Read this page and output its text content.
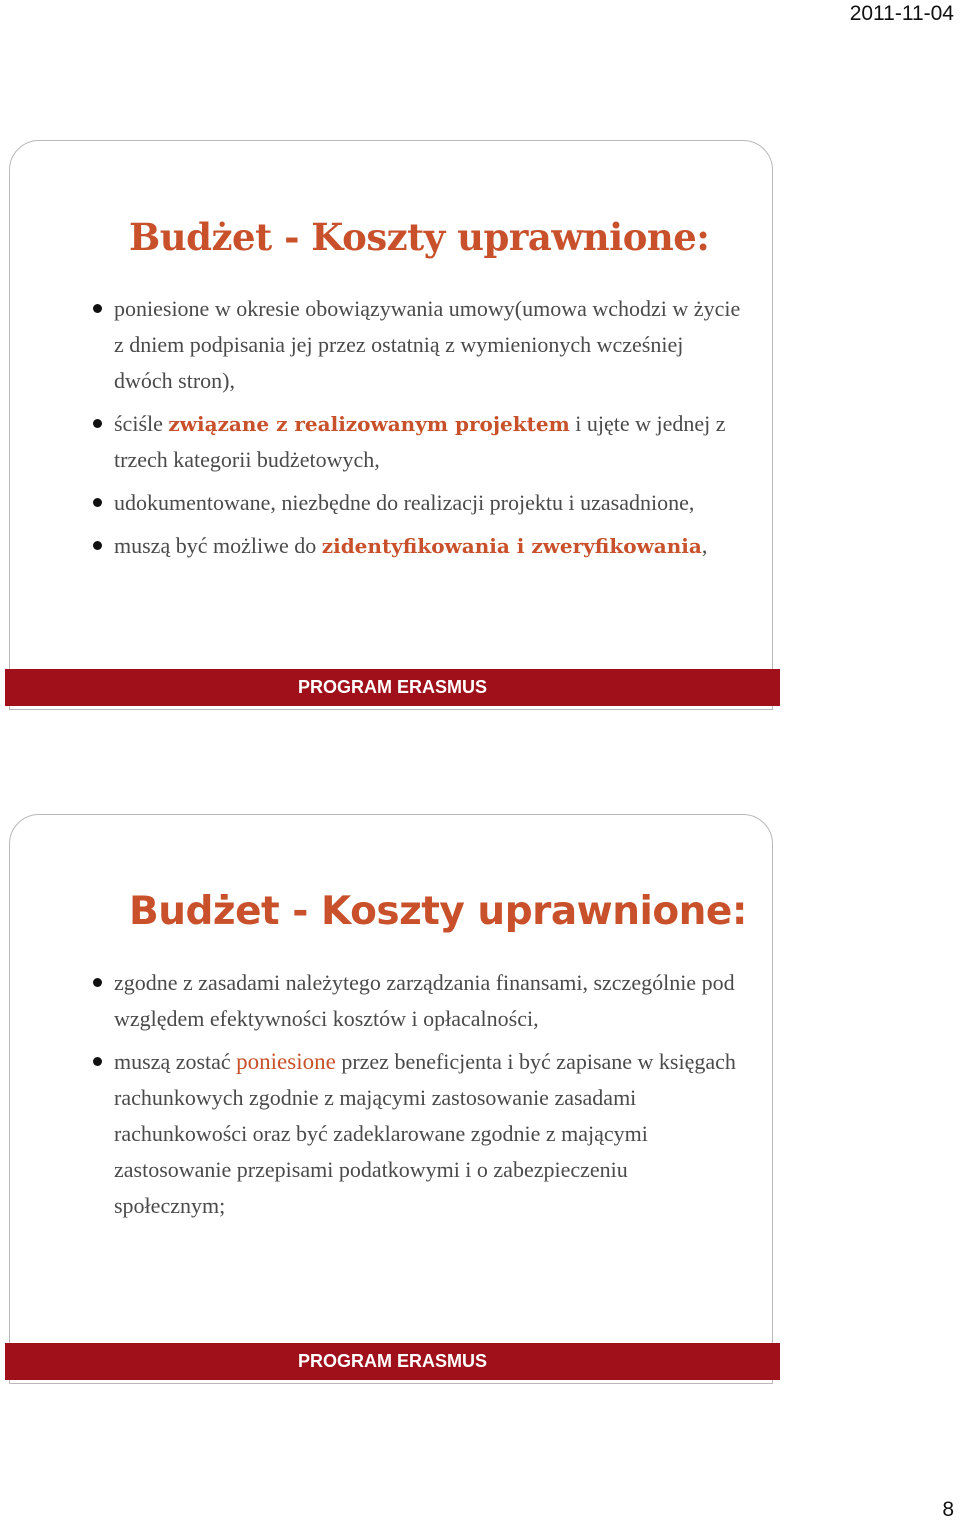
2011-11-04
Budżet - Koszty uprawnione:
poniesione w okresie obowiązywania umowy(umowa wchodzi w życie z dniem podpisania jej przez ostatnią z wymienionych wcześniej dwóch stron),
ściśle związane z realizowanym projektem i ujęte w jednej z trzech kategorii budżetowych,
udokumentowane, niezbędne do realizacji projektu i uzasadnione,
muszą być możliwe do zidentyfikowania i zweryfikowania,
PROGRAM ERASMUS
Budżet - Koszty uprawnione:
zgodne z zasadami należytego zarządzania finansami, szczególnie pod względem efektywności kosztów i opłacalności,
muszą zostać poniesione przez beneficjenta i być zapisane w księgach rachunkowych zgodnie z mającymi zastosowanie zasadami rachunkowości oraz być zadeklarowane zgodnie z mającymi zastosowanie przepisami podatkowymi i o zabezpieczeniu społecznym;
PROGRAM ERASMUS
8
